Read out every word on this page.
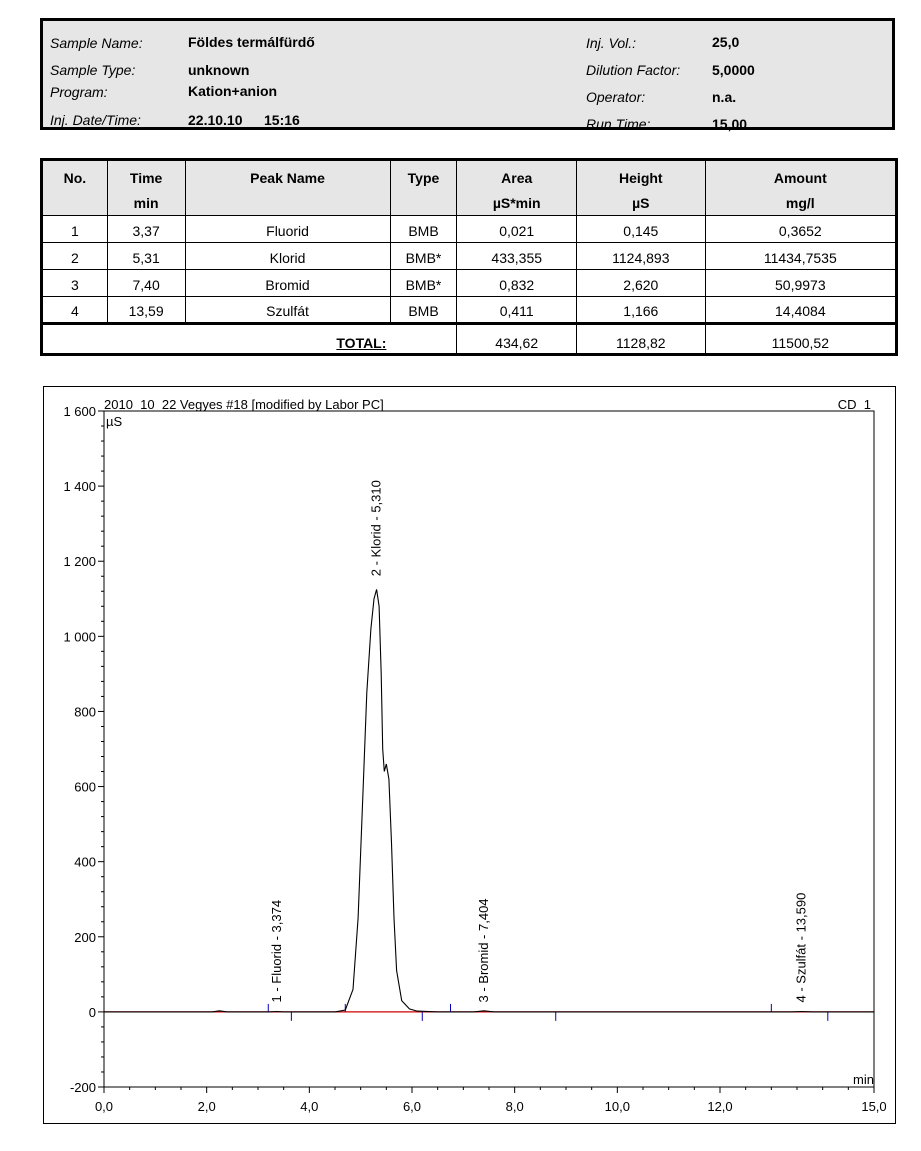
Sample Name:	Földes termálfürdő
Sample Type:	unknown
Program:	Kation+anion
Inj. Date/Time:	22.10.10 15:16
Inj. Vol.:	25,0
Dilution Factor: 5,0000
Operator:	n.a.
Run Time:	15,00
No.	Time	Peak Name	Type	Area	Height	Amount
	min			µS*min	µS	mg/l
1	3,37	Fluorid	BMB	0,021	0,145	0,3652
2	5,31	Klorid	BMB*	433,355	1124,893	11434,7535
3	7,40	Bromid	BMB*	0,832	2,620	50,9973
4	13,59	Szulfát	BMB	0,411	1,166	14,4084
TOTAL:				434,62	1128,82	11500,52
2010_10_22 Vegyes #18 [modified by Labor PC]	CD_1
µS
min
-200
0
200
400
600
800
1 000
1 200
1 400
1 600
0,0	2,0	4,0	6,0	8,0	10,0	12,0	15,0
1 - Fluorid - 3,374
2 - Klorid - 5,310
3 - Bromid - 7,404	4 - Szulfát - 13,590
